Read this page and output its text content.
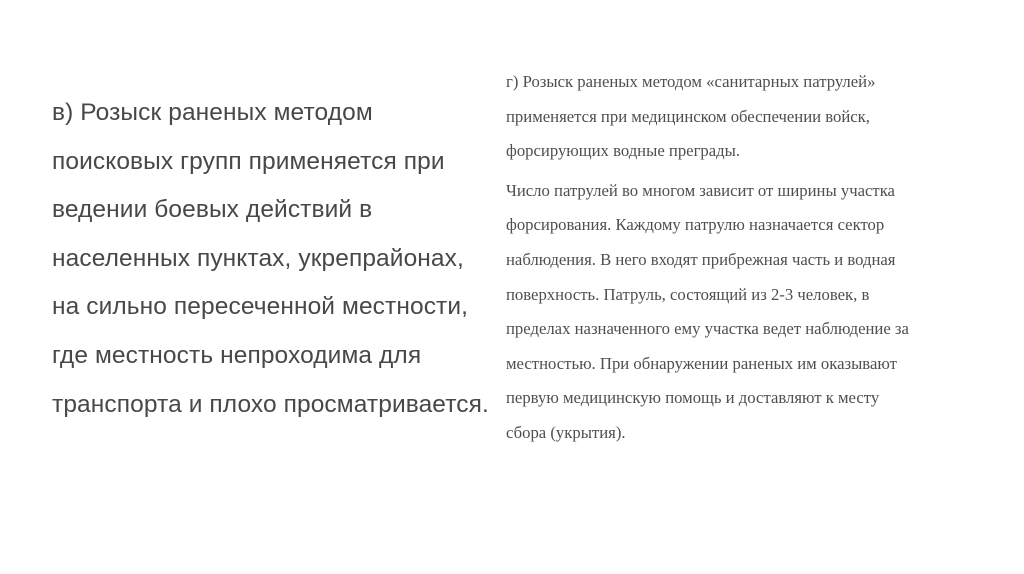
в) Розыск раненых методом
поисковых групп применяется при
ведении боевых действий в
населенных пунктах, укрепрайонах,
на сильно пересеченной местности,
где местность непроходима для
транспорта и плохо просматривается.
г) Розыск раненых методом «санитарных патрулей»
применяется при медицинском обеспечении войск,
форсирующих водные преграды.
Число патрулей во многом зависит от ширины участка
форсирования. Каждому патрулю назначается сектор
наблюдения. В него входят прибрежная часть и водная
поверхность. Патруль, состоящий из 2-3 человек, в
пределах назначенного ему участка ведет наблюдение за
местностью. При обнаружении раненых им оказывают
первую медицинскую помощь и доставляют к месту
сбора (укрытия).
